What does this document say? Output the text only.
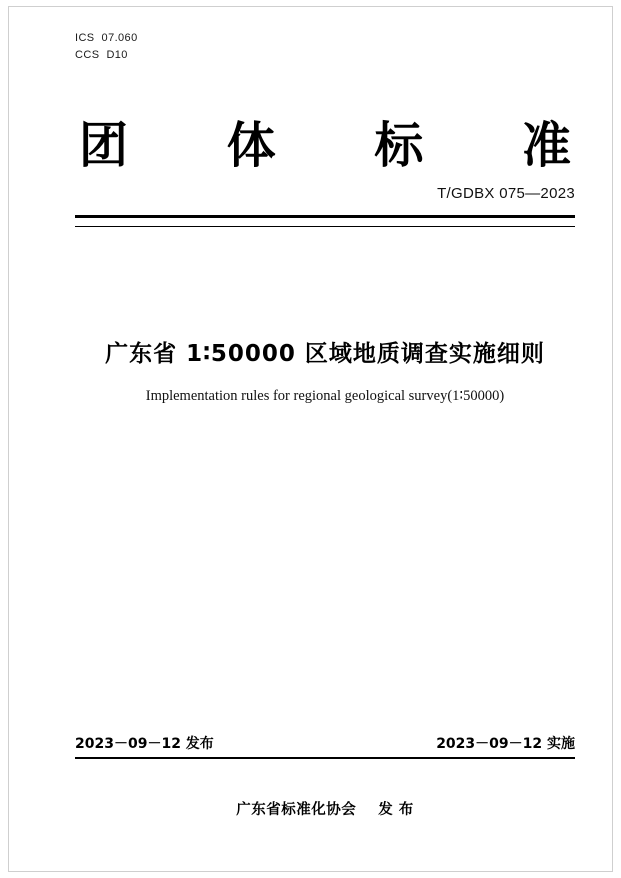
ICS 07.060
CCS D10
团 体 标 准
T/GDBX 075—2023
广东省 1∶50000 区域地质调查实施细则
Implementation rules for regional geological survey(1∶50000)
2023－09－12 发布	2023－09－12 实施
广东省标准化协会 发 布
